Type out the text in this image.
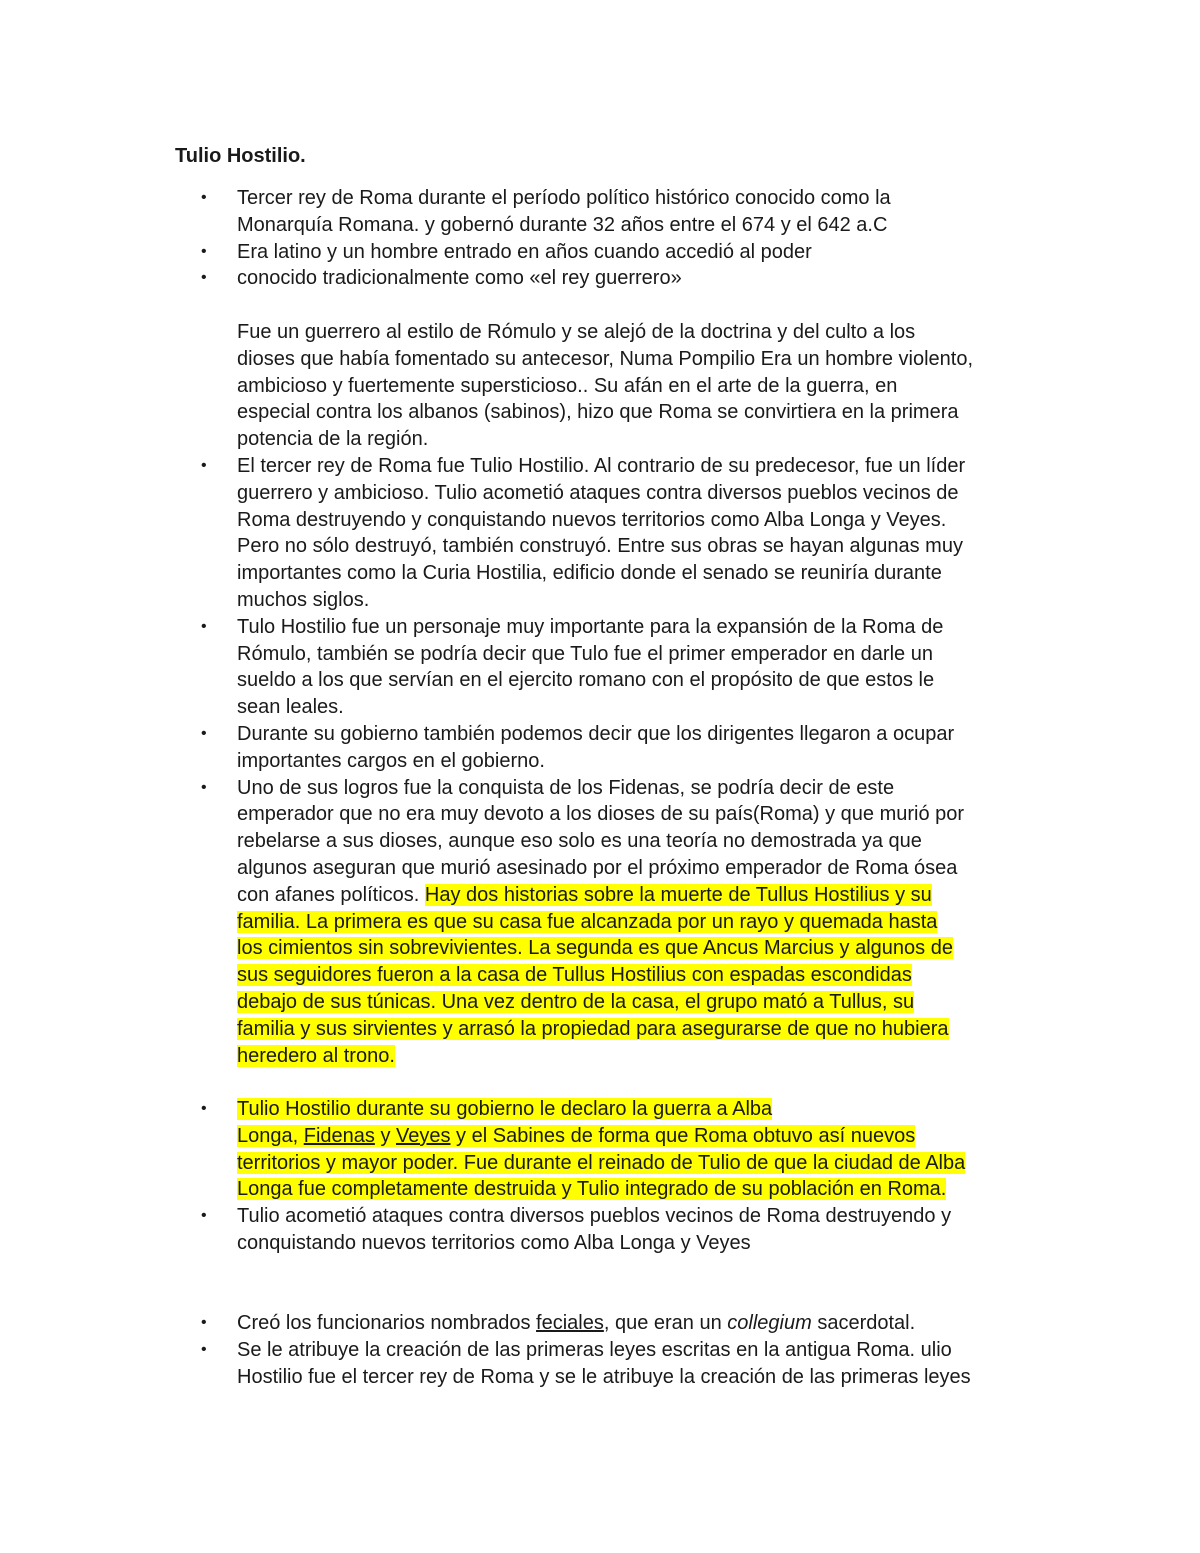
Tulio Hostilio.

•	Tercer rey de Roma durante el período político histórico conocido como la

Monarquía Romana. y gobernó durante 32 años entre el 674 y el 642 a.C

•	Era latino y un hombre entrado en años cuando accedió al poder

•	conocido tradicionalmente como «el rey guerrero»

Fue un guerrero al estilo de Rómulo y se alejó de la doctrina y del culto a los

dioses que había fomentado su antecesor, Numa Pompilio Era un hombre violento,

ambicioso y fuertemente supersticioso.. Su afán en el arte de la guerra, en

especial contra los albanos (sabinos), hizo que Roma se convirtiera en la primera

potencia de la región.

•	El tercer rey de Roma fue Tulio Hostilio. Al contrario de su predecesor, fue un líder

guerrero y ambicioso. Tulio acometió ataques contra diversos pueblos vecinos de

Roma destruyendo y conquistando nuevos territorios como Alba Longa y Veyes.

Pero no sólo destruyó, también construyó. Entre sus obras se hayan algunas muy

importantes como la Curia Hostilia, edificio donde el senado se reuniría durante

muchos siglos.

•	Tulo Hostilio fue un personaje muy importante para la expansión de la Roma de

Rómulo, también se podría decir que Tulo fue el primer emperador en darle un

sueldo a los que servían en el ejercito romano con el propósito de que estos le

sean leales.

•	Durante su gobierno también podemos decir que los dirigentes llegaron a ocupar

importantes cargos en el gobierno.

•	Uno de sus logros fue la conquista de los Fidenas, se podría decir de este

emperador que no era muy devoto a los dioses de su país(Roma) y que murió por

rebelarse a sus dioses, aunque eso solo es una teoría no demostrada ya que

algunos aseguran que murió asesinado por el próximo emperador de Roma ósea

con afanes políticos. Hay dos historias sobre la muerte de Tullus Hostilius y su

familia. La primera es que su casa fue alcanzada por un rayo y quemada hasta

los cimientos sin sobrevivientes. La segunda es que Ancus Marcius y algunos de

sus seguidores fueron a la casa de Tullus Hostilius con espadas escondidas

debajo de sus túnicas. Una vez dentro de la casa, el grupo mató a Tullus, su

familia y sus sirvientes y arrasó la propiedad para asegurarse de que no hubiera

heredero al trono.

•	Tulio Hostilio durante su gobierno le declaro la guerra a Alba

Longa, Fidenas y Veyes y el Sabines de forma que Roma obtuvo así nuevos

territorios y mayor poder. Fue durante el reinado de Tulio de que la ciudad de Alba

Longa fue completamente destruida y Tulio integrado de su población en Roma.

•	Tulio acometió ataques contra diversos pueblos vecinos de Roma destruyendo y

conquistando nuevos territorios como Alba Longa y Veyes

•	Creó los funcionarios nombrados feciales, que eran un collegium sacerdotal.

•	Se le atribuye la creación de las primeras leyes escritas en la antigua Roma. ulio

Hostilio fue el tercer rey de Roma y se le atribuye la creación de las primeras leyes
